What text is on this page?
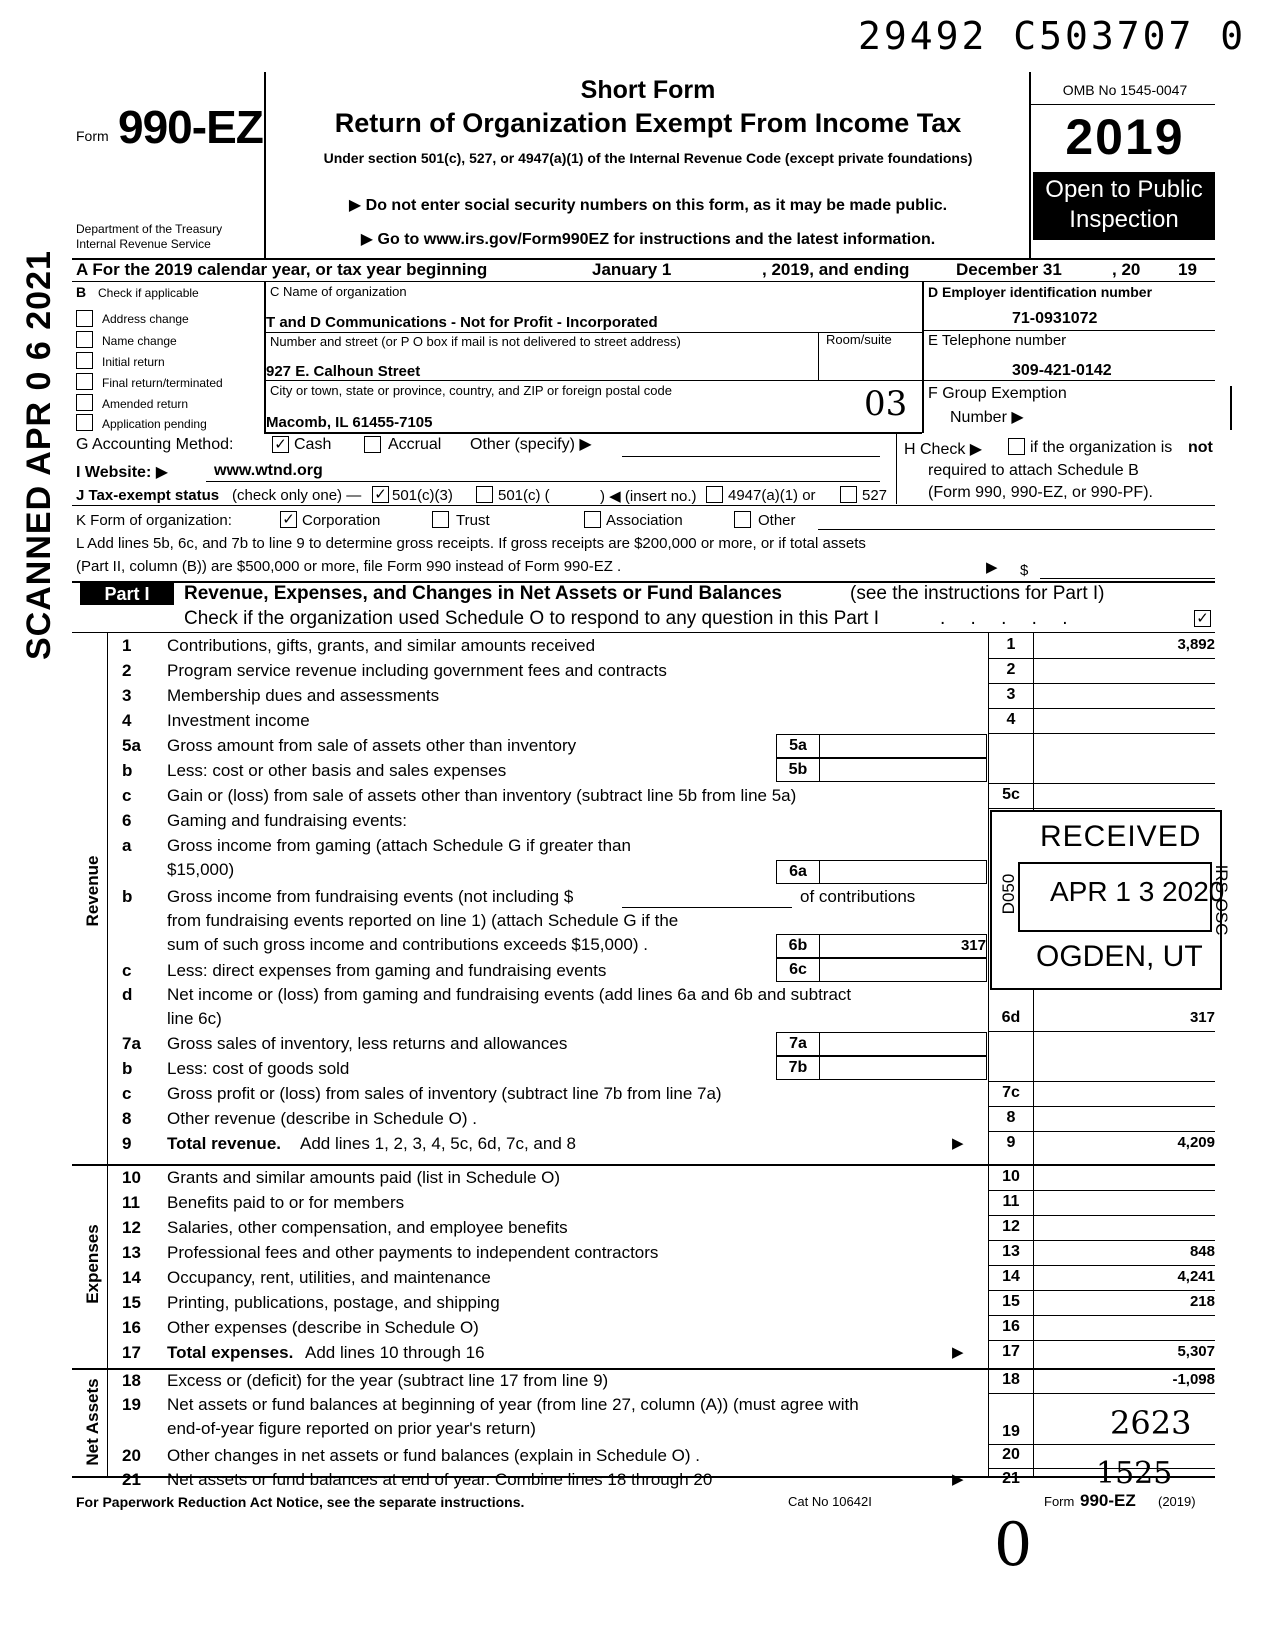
29492 C503707 0
SCANNED APR 0 6 2021
Form 990-EZ
Department of the Treasury
Internal Revenue Service
Short Form
Return of Organization Exempt From Income Tax
Under section 501(c), 527, or 4947(a)(1) of the Internal Revenue Code (except private foundations)
▶ Do not enter social security numbers on this form, as it may be made public.
▶ Go to www.irs.gov/Form990EZ for instructions and the latest information.
OMB No 1545-0047
2019
Open to Public
Inspection
A For the 2019 calendar year, or tax year beginning	January 1	, 2019, and ending	December 31	, 20 19
B Check if applicable
Address change
Name change
Initial return
Final return/terminated
Amended return
Application pending
C Name of organization
T and D Communications - Not for Profit - Incorporated
Number and street (or P O box if mail is not delivered to street address)	Room/suite
927 E. Calhoun Street
City or town, state or province, country, and ZIP or foreign postal code	03
Macomb, IL 61455-7105
D Employer identification number
71-0931072
E Telephone number
309-421-0142
F Group Exemption
Number ▶
G Accounting Method:	✓ Cash	Accrual Other (specify) ▶	H Check ▶	if the organization is not
required to attach Schedule B
(Form 990, 990-EZ, or 990-PF).
I Website: ▶	www.wtnd.org
J Tax-exempt status (check only one) — ✓ 501(c)(3)	501(c) (	) ◀ (insert no.) 4947(a)(1) or	527
K Form of organization:	✓ Corporation	Trust	Association	Other
L Add lines 5b, 6c, and 7b to line 9 to determine gross receipts. If gross receipts are $200,000 or more, or if total assets
(Part II, column (B)) are $500,000 or more, file Form 990 instead of Form 990-EZ .	▶ $
Part I	Revenue, Expenses, and Changes in Net Assets or Fund Balances	(see the instructions for Part I)
Check if the organization used Schedule O to respond to any question in this Part I	. . . . .	✓
Revenue
Expenses
Net Assets
1	Contributions, gifts, grants, and similar amounts received	1	3,892
2	Program service revenue including government fees and contracts	2
3	Membership dues and assessments	3
4	Investment income	4
5a	Gross amount from sale of assets other than inventory	5a
b	Less: cost or other basis and sales expenses	5b
c	Gain or (loss) from sale of assets other than inventory (subtract line 5b from line 5a)	5c
6	Gaming and fundraising events:
a	Gross income from gaming (attach Schedule G if greater than
$15,000)	6a
b	Gross income from fundraising events (not including $	of contributions
from fundraising events reported on line 1) (attach Schedule G if the
sum of such gross income and contributions exceeds $15,000) .	6b	317
c	Less: direct expenses from gaming and fundraising events	6c
d	Net income or (loss) from gaming and fundraising events (add lines 6a and 6b and subtract
line 6c)	6d	317
7a	Gross sales of inventory, less returns and allowances	7a
b	Less: cost of goods sold	7b
c	Gross profit or (loss) from sales of inventory (subtract line 7b from line 7a)	7c
8	Other revenue (describe in Schedule O) .	8
9	Total revenue. Add lines 1, 2, 3, 4, 5c, 6d, 7c, and 8	9	4,209
▶
10	Grants and similar amounts paid (list in Schedule O)	10
11	Benefits paid to or for members	11
12	Salaries, other compensation, and employee benefits	12
13	Professional fees and other payments to independent contractors	13	848
14	Occupancy, rent, utilities, and maintenance	14	4,241
15	Printing, publications, postage, and shipping	15	218
16	Other expenses (describe in Schedule O)	16
17	Total expenses. Add lines 10 through 16	17	5,307
▶
18	Excess or (deficit) for the year (subtract line 17 from line 9)	18	-1,098
19	Net assets or fund balances at beginning of year (from line 27, column (A)) (must agree with
end-of-year figure reported on prior year's return)	19	2623
20	Other changes in net assets or fund balances (explain in Schedule O) .	20
21	Net assets or fund balances at end of year. Combine lines 18 through 20	21
▶	1525
For Paperwork Reduction Act Notice, see the separate instructions.	Cat No 10642I	Form 990-EZ (2019)
0
RECEIVED
APR 1 3 2020
OGDEN, UT
D050	IRS-OSC
